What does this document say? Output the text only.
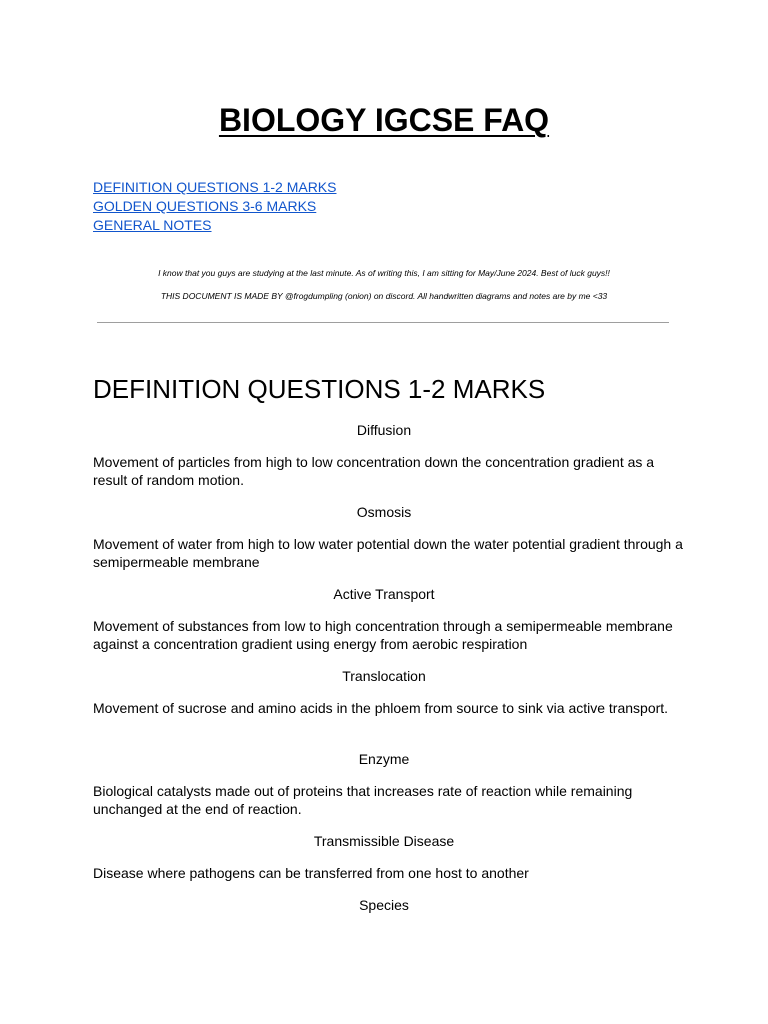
BIOLOGY IGCSE FAQ
DEFINITION QUESTIONS 1-2 MARKS
GOLDEN QUESTIONS 3-6 MARKS
GENERAL NOTES
I know that you guys are studying at the last minute. As of writing this, I am sitting for May/June 2024. Best of luck guys!!
THIS DOCUMENT IS MADE BY @frogdumpling (onion) on discord. All handwritten diagrams and notes are by me <33
DEFINITION QUESTIONS 1-2 MARKS
Diffusion
Movement of particles from high to low concentration down the concentration gradient as a result of random motion.
Osmosis
Movement of water from high to low water potential down the water potential gradient through a semipermeable membrane
Active Transport
Movement of substances from low to high concentration through a semipermeable membrane against a concentration gradient using energy from aerobic respiration
Translocation
Movement of sucrose and amino acids in the phloem from source to sink via active transport.
Enzyme
Biological catalysts made out of proteins that increases rate of reaction while remaining unchanged at the end of reaction.
Transmissible Disease
Disease where pathogens can be transferred from one host to another
Species
